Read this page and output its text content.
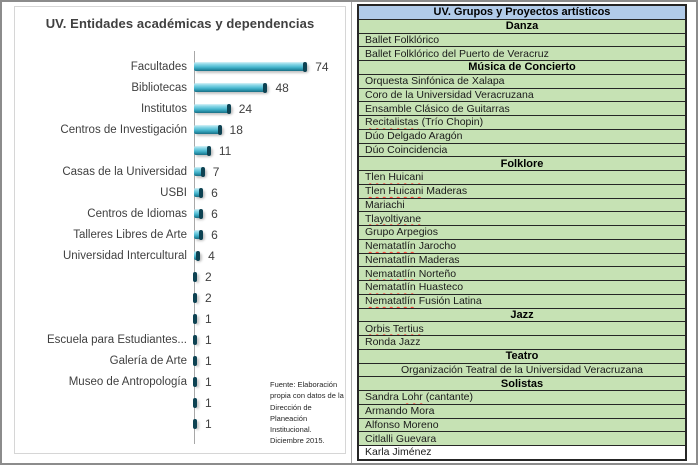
UV. Entidades académicas y dependencias
Facultades	74
Bibliotecas	48
Institutos	24
Centros de Investigación	18
11
Casas de la Universidad	7
USBI	6
Centros de Idiomas	6
Talleres Libres de Arte	6
Universidad Intercultural	4
2
2
1
Escuela para Estudiantes...	1
Galería de Arte	1
Museo de Antropología	1
1
1
Fuente: Elaboración propia con datos de la Dirección de Planeación Institucional. Diciembre 2015.
UV. Grupos y Proyectos artísticos
Danza
Ballet Folklórico
Ballet Folklórico del Puerto de Veracruz
Música de Concierto
Orquesta Sinfónica de Xalapa
Coro de la Universidad Veracruzana
Ensamble Clásico de Guitarras
Recitalistas (Trío Chopin)
Dúo Delgado Aragón
Dúo Coincidencia
Folklore
Tlen Huicani
Tlen Huicani Maderas
Mariachi
Tlayoltiyane
Grupo Arpegios
Nematatlín Jarocho
Nematatlín Maderas
Nematatlín Norteño
Nematatlín Huasteco
Nematatlín Fusión Latina
Jazz
Orbis Tertius
Ronda Jazz
Teatro
Organización Teatral de la Universidad Veracruzana
Solistas
Sandra Lohr (cantante)
Armando Mora
Alfonso Moreno
Citlalli Guevara
Karla Jiménez
